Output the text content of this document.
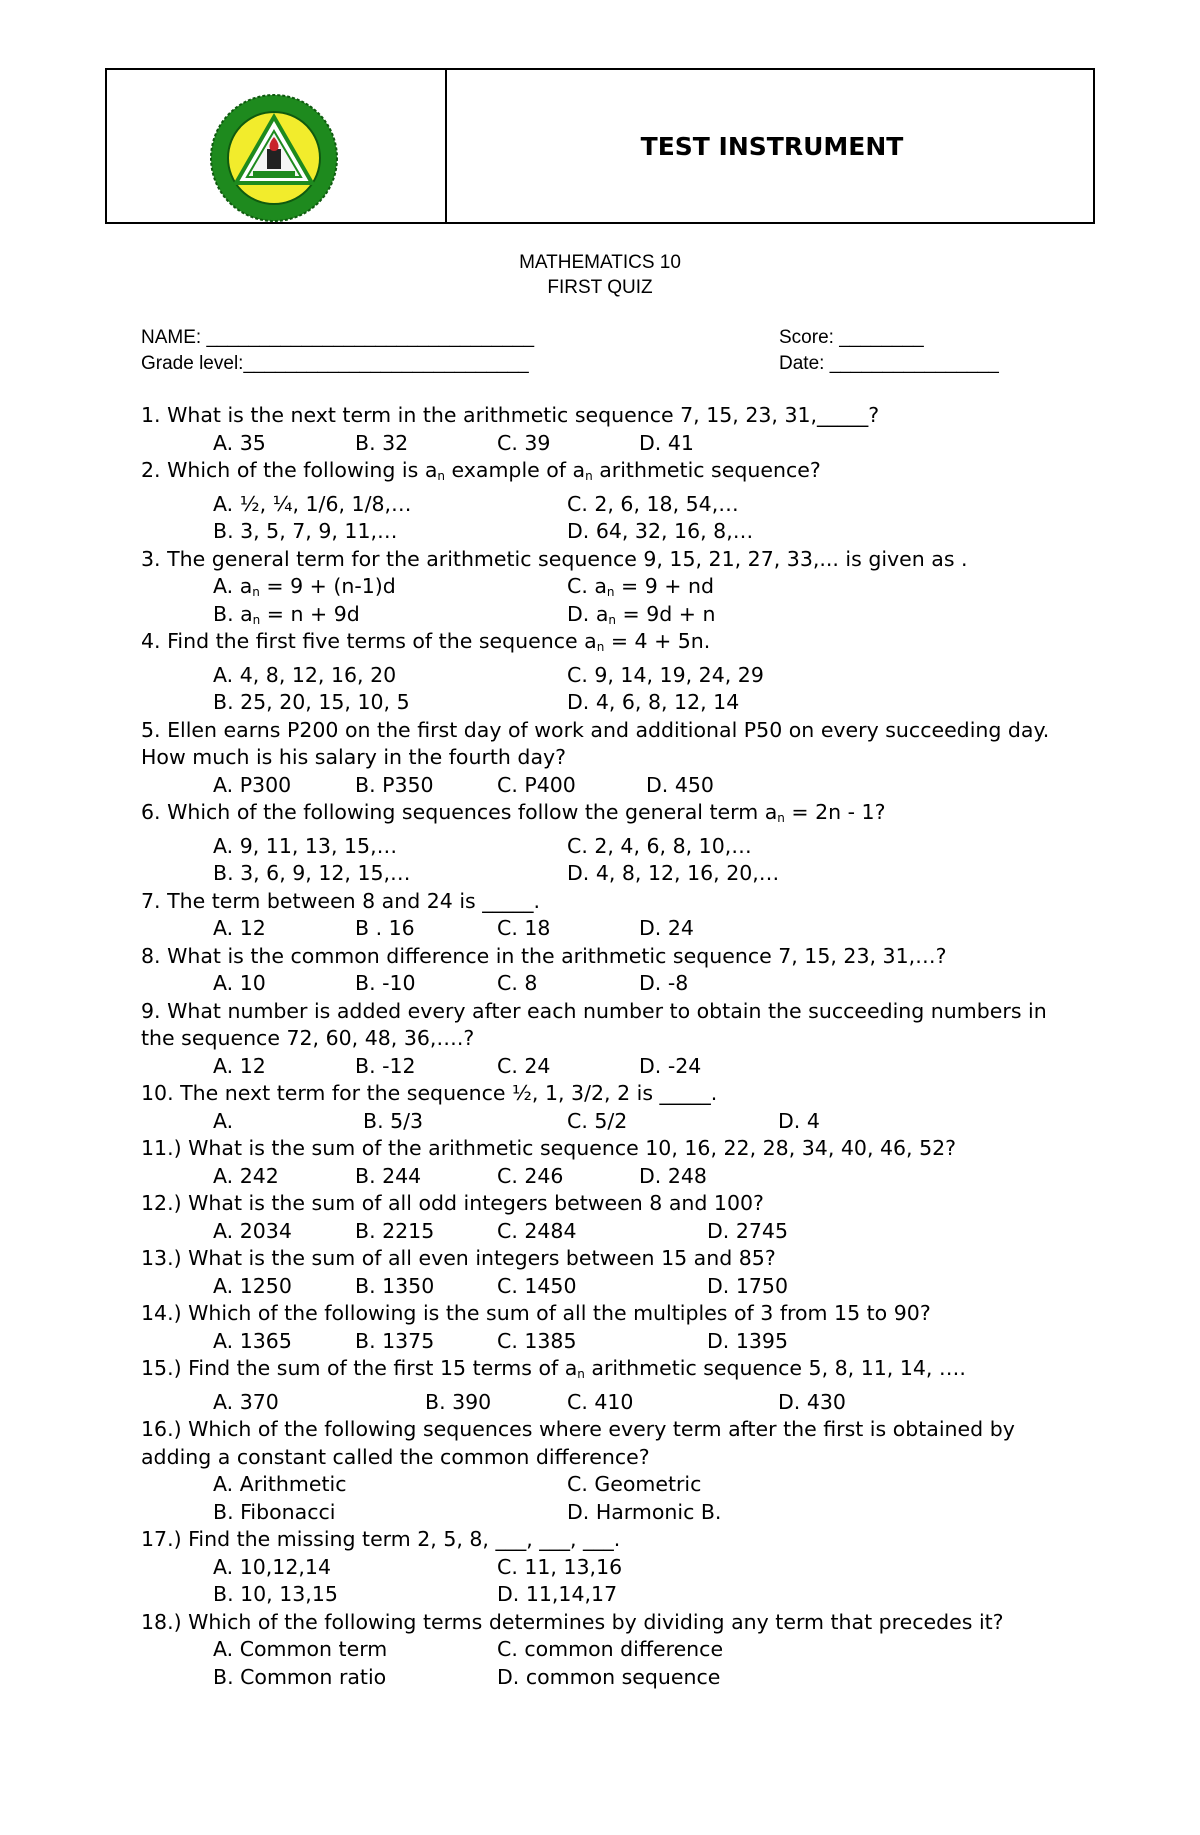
TEST INSTRUMENT
MATHEMATICS 10
FIRST QUIZ
NAME: _______________________________	Score: ________
Grade level:___________________________	Date: ________________
1. What is the next term in the arithmetic sequence 7, 15, 23, 31,_____?
A. 35	B. 32	C. 39	D. 41
2. Which of the following is $a_n$ example of $a_n$ arithmetic sequence?
A. ½, ¼, 1/6, 1/8,…	C. 2, 6, 18, 54,…
B. 3, 5, 7, 9, 11,…	D. 64, 32, 16, 8,…
3. The general term for the arithmetic sequence 9, 15, 21, 27, 33,... is given as .
A. $a_n = 9 + (n-1)d$	C. $a_n = 9$ + nd
B. $a_n = n + 9d$	D. $a_n = 9d + n$
4. Find the first five terms of the sequence $a_n = 4 + 5n$.
A. 4, 8, 12, 16, 20	C. 9, 14, 19, 24, 29
B. 25, 20, 15, 10, 5	D. 4, 6, 8, 12, 14
5. Ellen earns P200 on the first day of work and additional P50 on every succeeding day. How much is his salary in the fourth day?
A. P300	B. P350	C. P400	D. 450
6. Which of the following sequences follow the general term $a_n = 2n - 1$?
A. 9, 11, 13, 15,…	C. 2, 4, 6, 8, 10,…
B. 3, 6, 9, 12, 15,…	D. 4, 8, 12, 16, 20,…
7. The term between 8 and 24 is _____.
A. 12	B . 16	C. 18	D. 24
8. What is the common difference in the arithmetic sequence 7, 15, 23, 31,…?
A. 10	B. -10	C. 8	D. -8
9. What number is added every after each number to obtain the succeeding numbers in the sequence 72, 60, 48, 36,….?
A. 12	B. -12	C. 24	D. -24
10. The next term for the sequence ½, 1, 3/2, 2 is _____.
A.	B. 5/3	C. 5/2	D. 4
11.) What is the sum of the arithmetic sequence 10, 16, 22, 28, 34, 40, 46, 52?
A. 242	B. 244	C. 246	D. 248
12.) What is the sum of all odd integers between 8 and 100?
A. 2034	B. 2215	C. 2484	D. 2745
13.) What is the sum of all even integers between 15 and 85?
A. 1250	B. 1350	C. 1450	D. 1750
14.) Which of the following is the sum of all the multiples of 3 from 15 to 90?
A. 1365	B. 1375	C. 1385	D. 1395
15.) Find the sum of the first 15 terms of $a_n$ arithmetic sequence 5, 8, 11, 14, ….
A. 370	B. 390	C. 410	D. 430
16.) Which of the following sequences where every term after the first is obtained by adding a constant called the common difference?
A. Arithmetic	C. Geometric
B. Fibonacci	D. Harmonic B.
17.) Find the missing term 2, 5, 8, ___, ___, ___.
A. 10,12,14	C. 11, 13,16
B. 10, 13,15	D. 11,14,17
18.) Which of the following terms determines by dividing any term that precedes it?
A. Common term	C. common difference
B. Common ratio	D. common sequence
